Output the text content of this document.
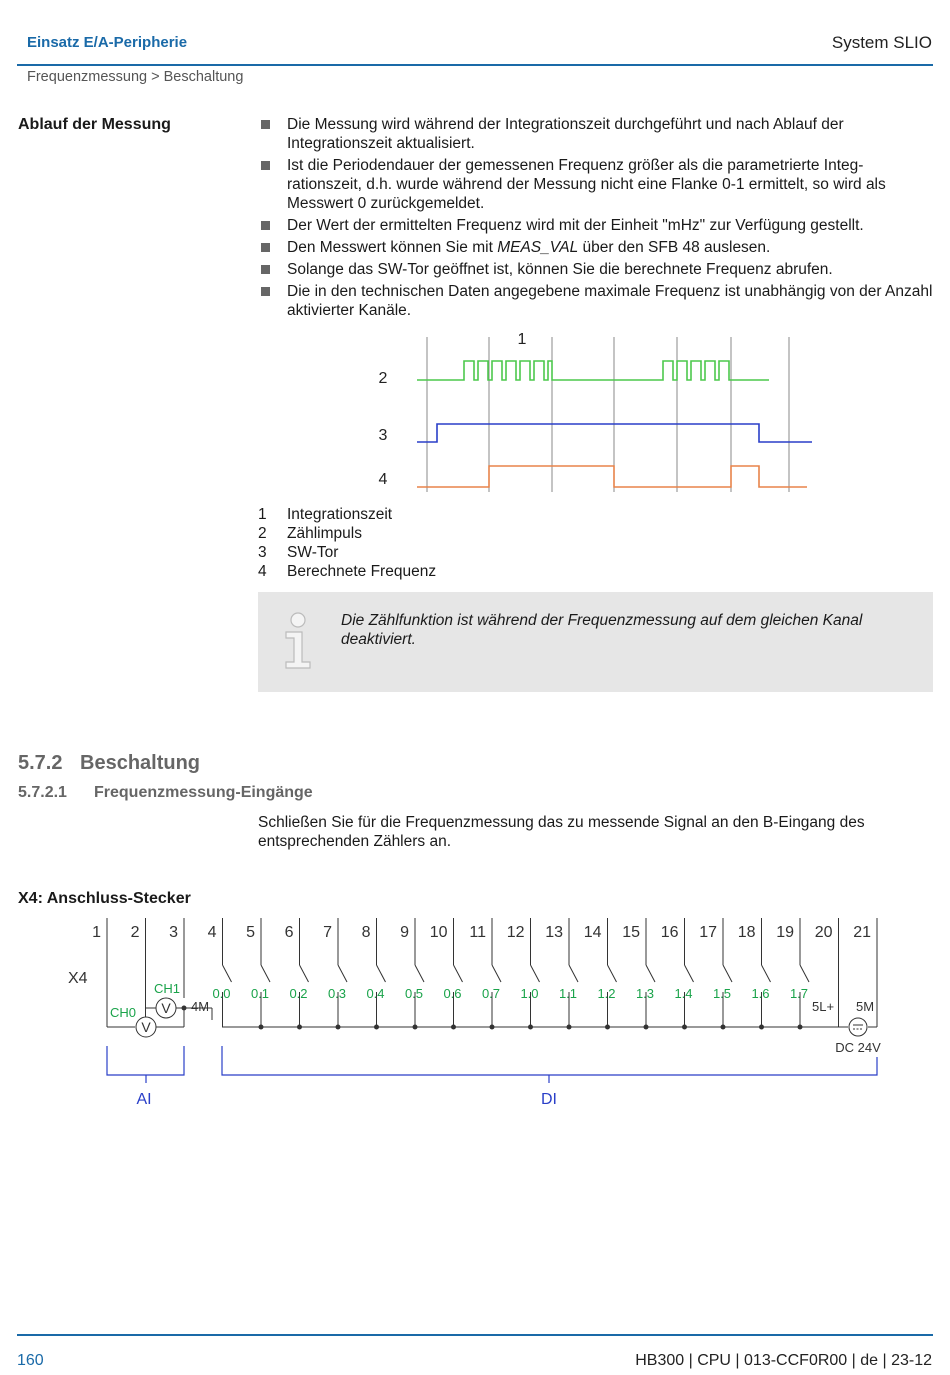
Einsatz E/A-Peripherie	System SLIO
Frequenzmessung > Beschaltung
Ablauf der Messung	Die Messung wird während der Integrationszeit durchgeführt und nach Ablauf der Integrationszeit aktualisiert.
Ist die Periodendauer der gemessenen Frequenz größer als die parametrierte Integ-rationszeit, d.h. wurde während der Messung nicht eine Flanke 0-1 ermittelt, so wird als Messwert 0 zurückgemeldet.
Der Wert der ermittelten Frequenz wird mit der Einheit "mHz" zur Verfügung gestellt.
Den Messwert können Sie mit MEAS_VAL über den SFB 48 auslesen.
Solange das SW-Tor geöffnet ist, können Sie die berechnete Frequenz abrufen.
Die in den technischen Daten angegebene maximale Frequenz ist unabhängig von der Anzahl aktivierter Kanäle.
1
2
3
4
1	Integrationszeit
2	Zählimpuls
3	SW-Tor
4	Berechnete Frequenz
Die Zählfunktion ist während der Frequenzmessung auf dem gleichen Kanal deaktiviert.
5.7.2 Beschaltung
5.7.2.1 Frequenzmessung-Eingänge
Schließen Sie für die Frequenzmessung das zu messende Signal an den B-Eingang des entsprechenden Zählers an.
X4: Anschluss-Stecker
1 2 3 4 5 6 7 8 9 10 11 12 13 14 15 16 17 18 19 20 21
X4
V
V
CH0
CH1
4M
0.0 0.1 0.2 0.3 0.4 0.5 0.6 0.7 1.0 1.1 1.2 1.3 1.4 1.5 1.6 1.7
5L+ 5M
DC 24V
AI	DI
160	HB300 | CPU | 013-CCF0R00 | de | 23-12
